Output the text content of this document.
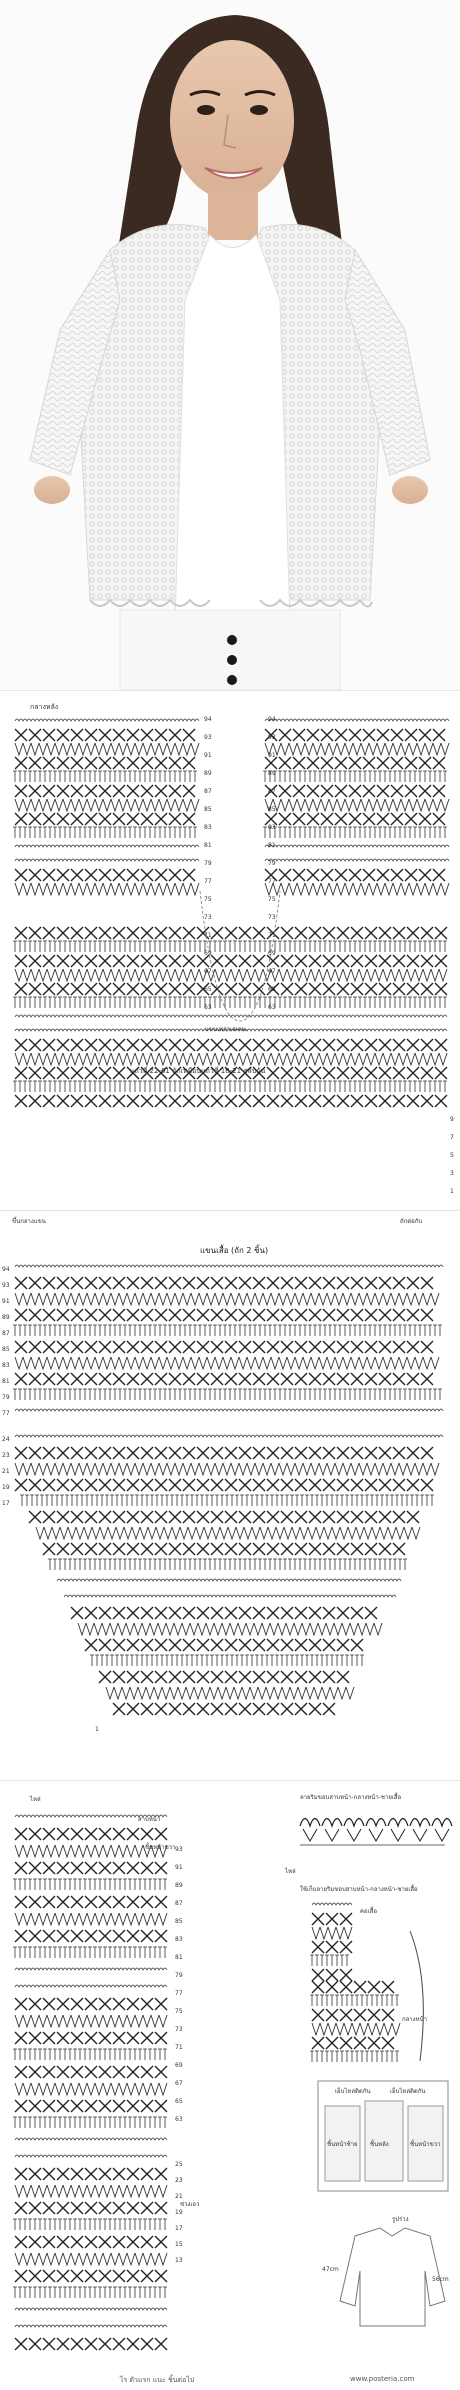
94	94
93	93
91	91
89	89
87	87
85	85
83	83
81	81
79	79
77	77
75	75
73	73
71	71
69	69
67	67
65	65
63	63
9
7
5
3
1
กลางหลัง
แขนเพลาเลเดน
แถวที่ 22-61 ถักเหมือนแถวที่ 18-21 สลับกัน
ขึ้นกลางแขน
แขนเสื้อ (ถัก 2 ชิ้น)
ถักต่อกับ
94
93
91
89
87
85
83
81
79
77
24
23
21
19
17
1
ไหล่
สาบหน้า
ชิ้นหน้าขวา 93
91
89
87
85
83
81
79
77
75
73
71
69
67
65
63
25
23
21
19
17
15
13
ช่วงเอว
ลายริมขอบสาบหน้า-กลางหน้า-ชายเสื้อ
ไหล่
ใช้เก็บลายริมขอบสาบหน้า-กลางหน้า-ชายเสื้อ
คอเสื้อ
กลางหน้า
เย็บไหล่ติดกัน	เย็บไหล่ติดกัน
ชิ้นหน้าซ้าย ชิ้นหลัง	ชิ้นหน้าขวา
รูปร่าง
47cm
56cm
ไร ตัวแรก แนะ ชิ้นต่อไป	www.posteria.com
